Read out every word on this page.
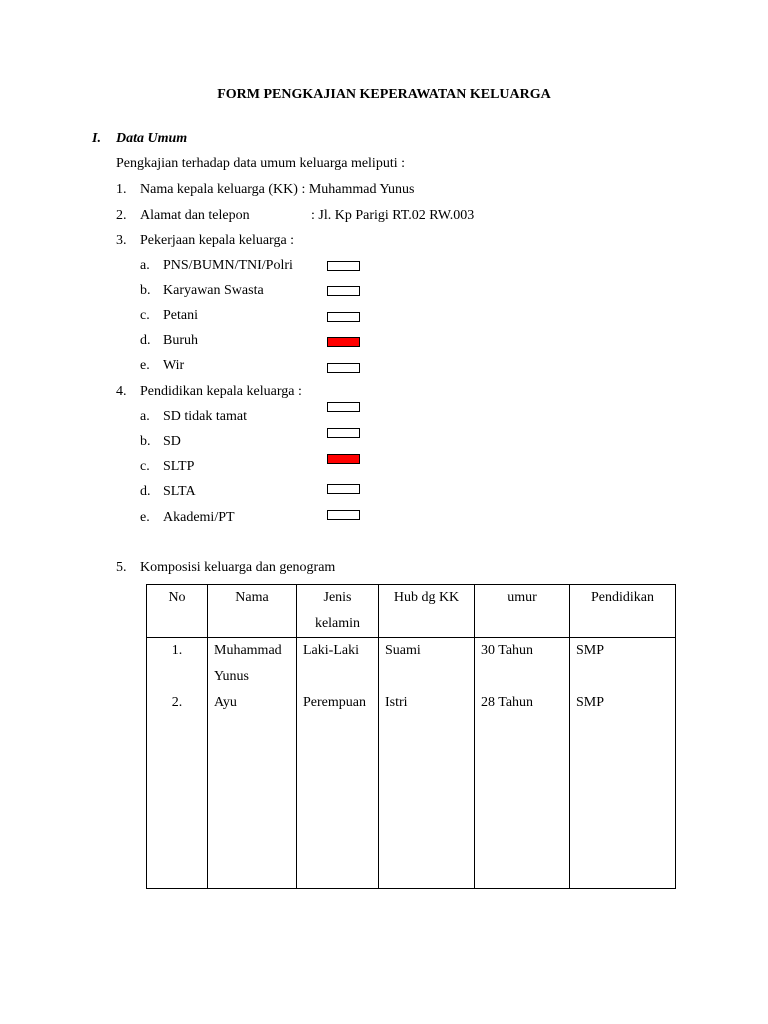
FORM PENGKAJIAN KEPERAWATAN KELUARGA
I. Data Umum
Pengkajian terhadap data umum keluarga meliputi :
1. Nama kepala keluarga (KK) : Muhammad Yunus
2. Alamat dan telepon	: Jl. Kp Parigi RT.02 RW.003
3. Pekerjaan kepala keluarga :
a. PNS/BUMN/TNI/Polri
b. Karyawan Swasta
c. Petani
d. Buruh
e. Wir
4. Pendidikan kepala keluarga :
a. SD tidak tamat
b. SD
c. SLTP
d. SLTA
e. Akademi/PT
5. Komposisi keluarga dan genogram
No	Nama	Jenis kelamin	Hub dg KK	umur	Pendidikan
1.	Muhammad Yunus	Laki-Laki	Suami	30 Tahun	SMP
2.	Ayu	Perempuan	Istri	28 Tahun	SMP
